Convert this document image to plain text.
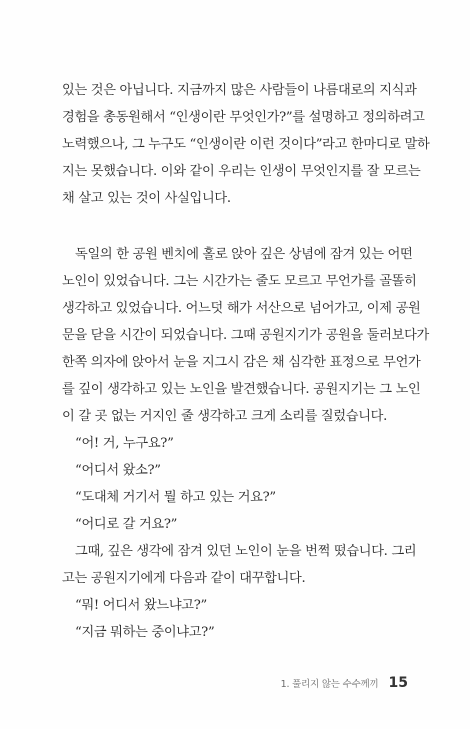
있는 것은 아닙니다. 지금까지 많은 사람들이 나름대로의 지식과
경험을 총동원해서 “인생이란 무엇인가?”를 설명하고 정의하려고
노력했으나, 그 누구도 “인생이란 이런 것이다”라고 한마디로 말하
지는 못했습니다. 이와 같이 우리는 인생이 무엇인지를 잘 모르는
채 살고 있는 것이 사실입니다.
독일의 한 공원 벤치에 홀로 앉아 깊은 상념에 잠겨 있는 어떤
노인이 있었습니다. 그는 시간가는 줄도 모르고 무언가를 골똘히
생각하고 있었습니다. 어느덧 해가 서산으로 넘어가고, 이제 공원
문을 닫을 시간이 되었습니다. 그때 공원지기가 공원을 둘러보다가
한쪽 의자에 앉아서 눈을 지그시 감은 채 심각한 표정으로 무언가
를 깊이 생각하고 있는 노인을 발견했습니다. 공원지기는 그 노인
이 갈 곳 없는 거지인 줄 생각하고 크게 소리를 질렀습니다.
“어! 거, 누구요?”
“어디서 왔소?”
“도대체 거기서 뭘 하고 있는 거요?”
“어디로 갈 거요?”
그때, 깊은 생각에 잠겨 있던 노인이 눈을 번쩍 떴습니다. 그리
고는 공원지기에게 다음과 같이 대꾸합니다.
“뭐! 어디서 왔느냐고?”
“지금 뭐하는 중이냐고?”
1. 풀리지 않는 수수께끼 15
